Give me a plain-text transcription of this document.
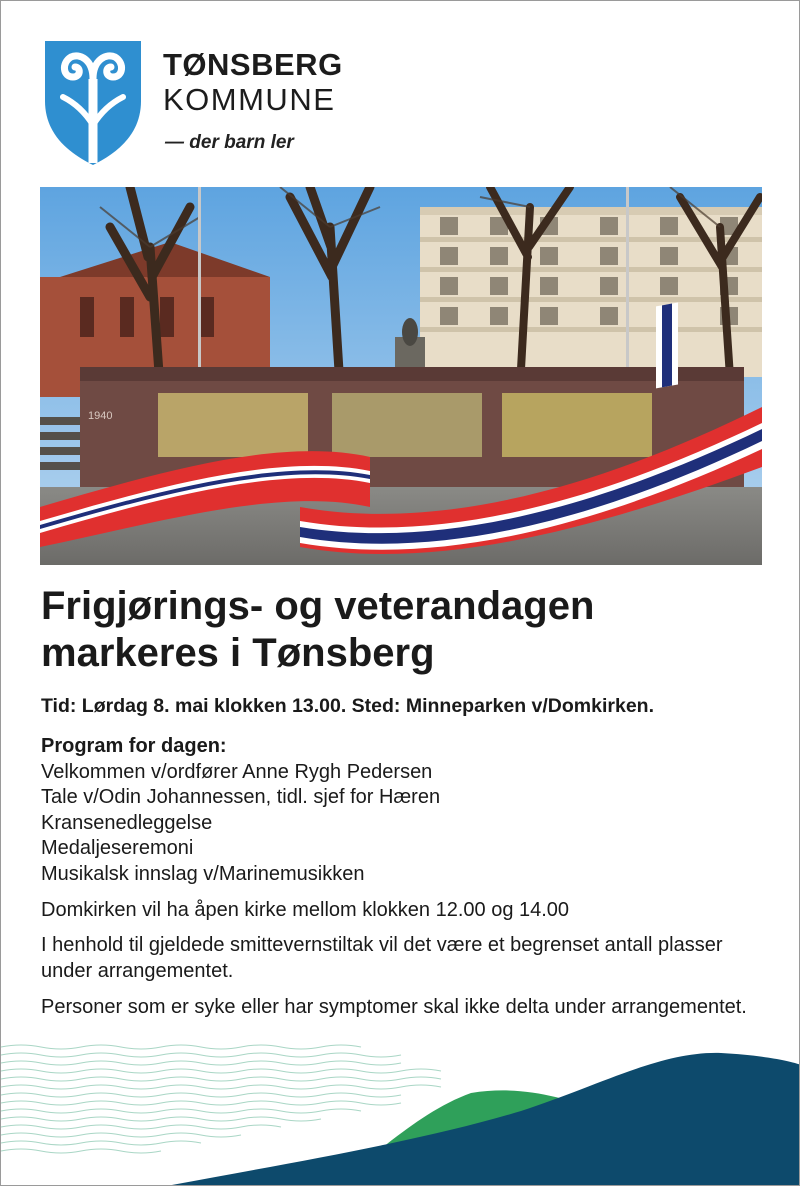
TØNSBERG
KOMMUNE
— der barn ler
1940
Frigjørings- og veterandagen
markeres i Tønsberg
Tid: Lørdag 8. mai klokken 13.00. Sted: Minneparken v/Domkirken.
Program for dagen:
Velkommen v/ordfører Anne Rygh Pedersen
Tale v/Odin Johannessen, tidl. sjef for Hæren
Kransenedleggelse
Medaljeseremoni
Musikalsk innslag v/Marinemusikken

Domkirken vil ha åpen kirke mellom klokken 12.00 og 14.00

I henhold til gjeldede smittevernstiltak vil det være et begrenset antall plasser under arrangementet.

Personer som er syke eller har symptomer skal ikke delta under arrangementet.
